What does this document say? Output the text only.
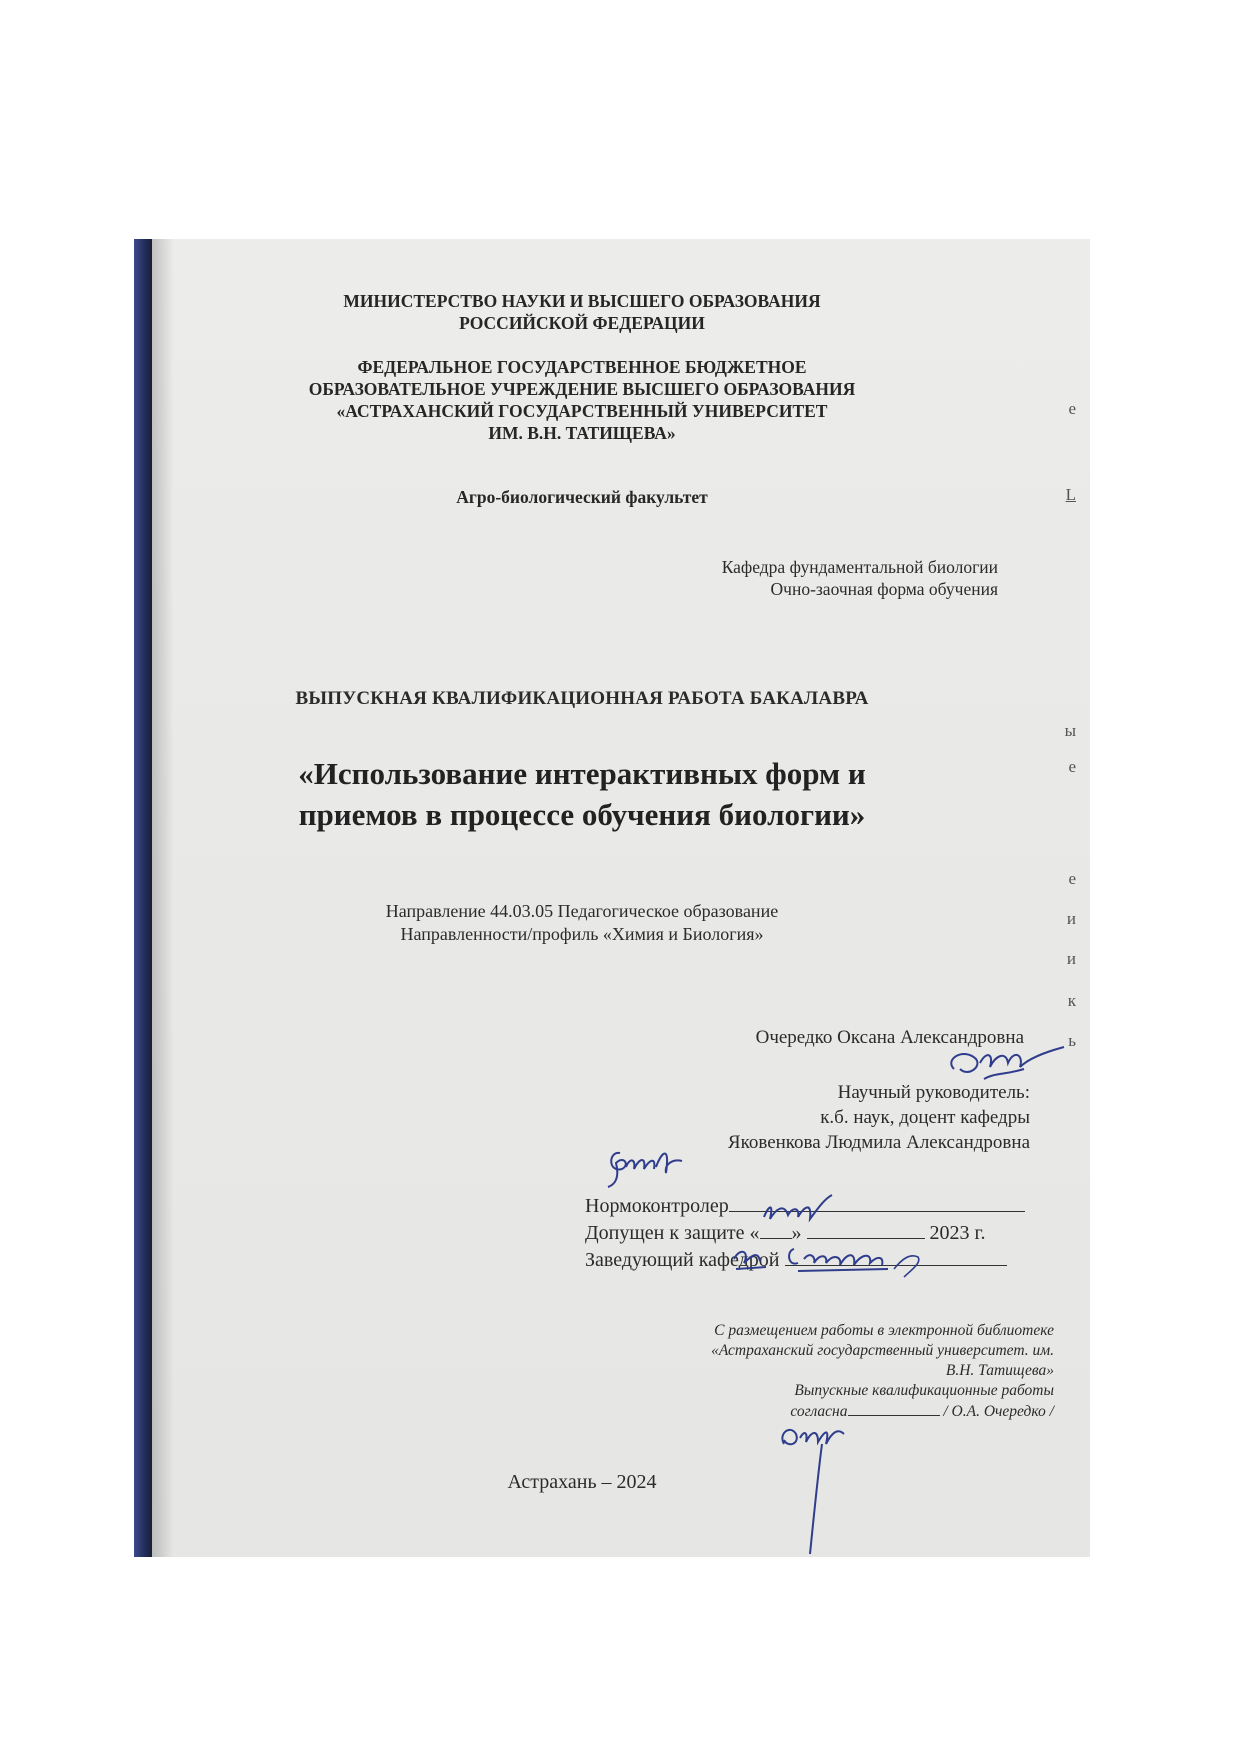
е
L
ы
е
е
и
и
к
ь
МИНИСТЕРСТВО НАУКИ И ВЫСШЕГО ОБРАЗОВАНИЯ
РОССИЙСКОЙ ФЕДЕРАЦИИ
ФЕДЕРАЛЬНОЕ ГОСУДАРСТВЕННОЕ БЮДЖЕТНОЕ
ОБРАЗОВАТЕЛЬНОЕ УЧРЕЖДЕНИЕ ВЫСШЕГО ОБРАЗОВАНИЯ
«АСТРАХАНСКИЙ ГОСУДАРСТВЕННЫЙ УНИВЕРСИТЕТ
ИМ. В.Н. ТАТИЩЕВА»
Агро-биологический факультет
Кафедра фундаментальной биологии
Очно-заочная форма обучения
ВЫПУСКНАЯ КВАЛИФИКАЦИОННАЯ РАБОТА БАКАЛАВРА
«Использование интерактивных форм и
приемов в процессе обучения биологии»
Направление 44.03.05 Педагогическое образование
Направленности/профиль «Химия и Биология»
Очередко Оксана Александровна
Научный руководитель:
к.б. наук, доцент кафедры
Яковенкова Людмила Александровна
Нормоконтролер
Допущен к защите « »	2023 г.
Заведующий кафедрой
С размещением работы в электронной библиотеке
«Астраханский государственный университет. им.
В.Н. Татищева»
Выпускные квалификационные работы
согласна	/ О.А. Очередко /
Астрахань – 2024
